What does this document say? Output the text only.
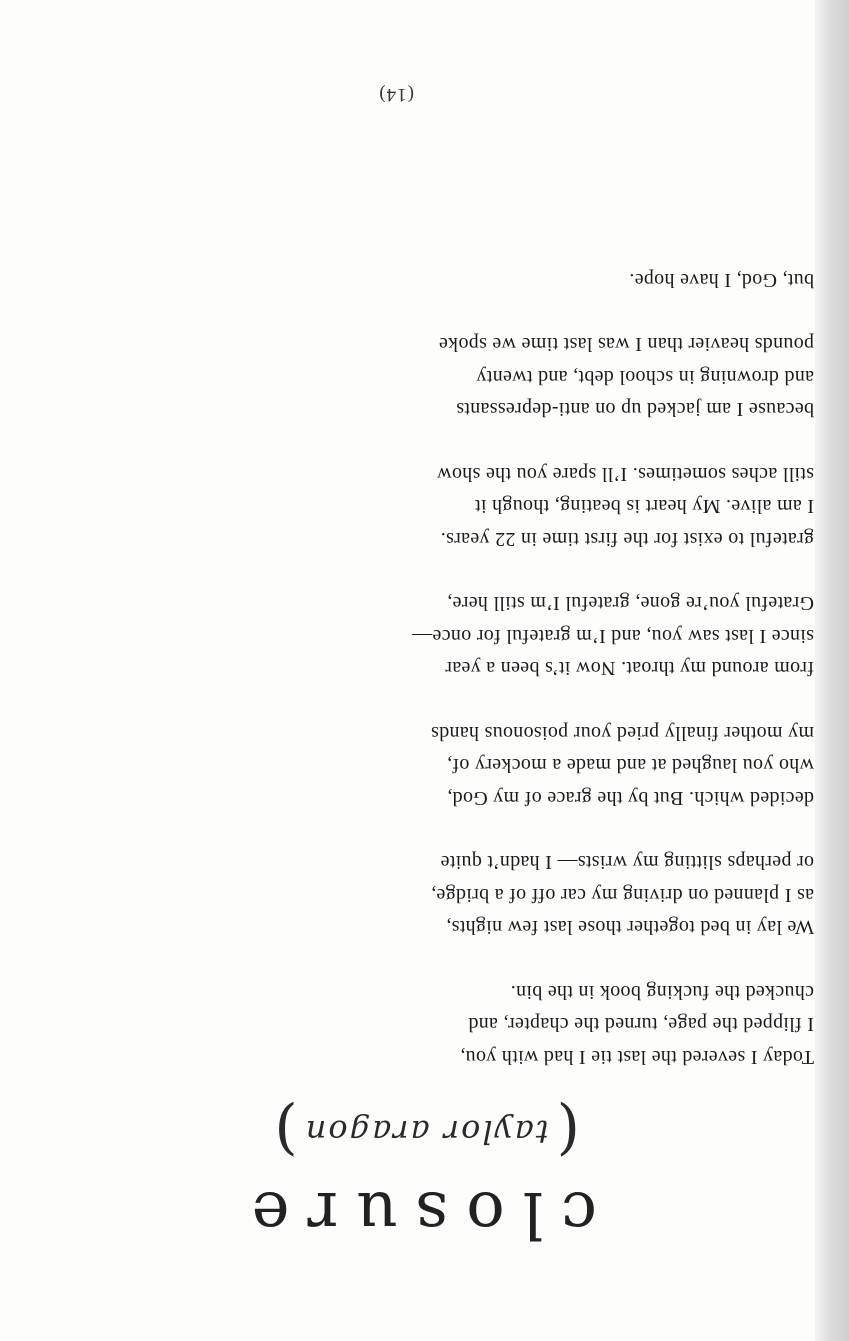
closure
(taylor aragon)
Today I severed the last tie I had with you,
I flipped the page, turned the chapter, and
chucked the fucking book in the bin.
We lay in bed together those last few nights,
as I planned on driving my car off of a bridge,
or perhaps slitting my wrists— I hadn’t quite
decided which. But by the grace of my God,
who you laughed at and made a mockery of,
my mother finally pried your poisonous hands
from around my throat. Now it’s been a year
since I last saw you, and I’m grateful for once—
Grateful you’re gone, grateful I’m still here,
grateful to exist for the first time in 22 years.
I am alive. My heart is beating, though it
still aches sometimes. I’ll spare you the show
because I am jacked up on anti-depressants
and drowning in school debt, and twenty
pounds heavier than I was last time we spoke
but, God, I have hope.
(14)
